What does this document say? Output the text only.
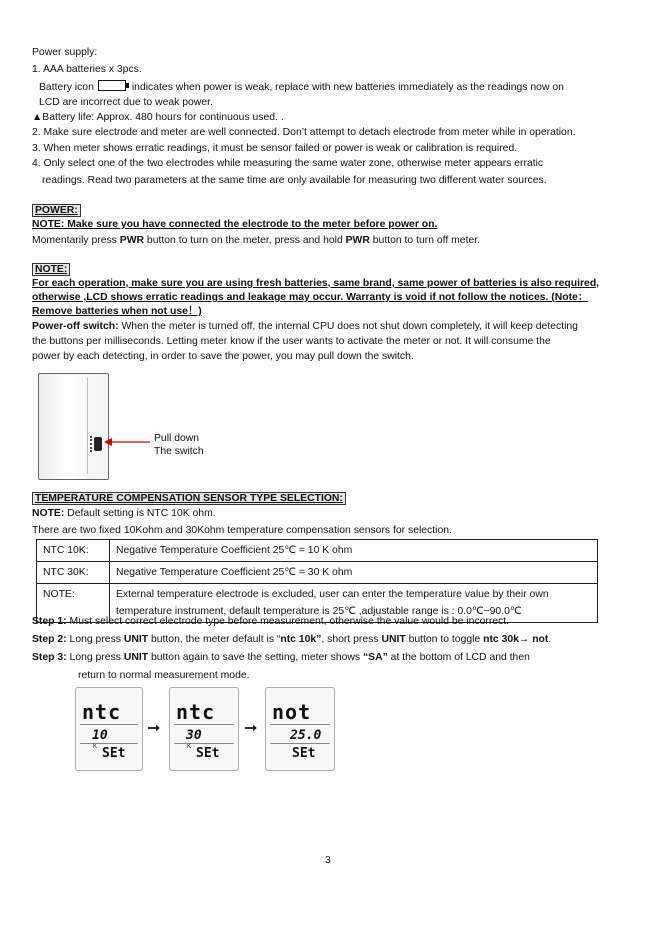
Power supply:
1. AAA batteries x 3pcs.
Battery icon	indicates when power is weak, replace with new batteries immediately as the readings now on
LCD are incorrect due to weak power.
▲Battery life: Approx. 480 hours for continuous used. .
2. Make sure electrode and meter are well connected. Don’t attempt to detach electrode from meter while in operation.
3. When meter shows erratic readings, it must be sensor failed or power is weak or calibration is required.
4. Only select one of the two electrodes while measuring the same water zone, otherwise meter appears erratic
readings. Read two parameters at the same time are only available for measuring two different water sources.
POWER:
NOTE: Make sure you have connected the electrode to the meter before power on.
Momentarily press PWR button to turn on the meter, press and hold PWR button to turn off meter.
NOTE:
For each operation, make sure you are using fresh batteries, same brand, same power of batteries is also required,
otherwise ,LCD shows erratic readings and leakage may occur. Warranty is void if not follow the notices. (Note：
Remove batteries when not use！)
Power-off switch: When the meter is turned off, the internal CPU does not shut down completely, it will keep detecting
the buttons per milliseconds. Letting meter know if the user wants to activate the meter or not. It will consume the
power by each detecting, in order to save the power, you may pull down the switch.
Pull down
The switch
TEMPERATURE COMPENSATION SENSOR TYPE SELECTION:
NOTE: Default setting is NTC 10K ohm.
There are two fixed 10Kohm and 30Kohm temperature compensation sensors for selection.
NTC 10K:	Negative Temperature Coefficient 25℃ = 10 K ohm
NTC 30K:	Negative Temperature Coefficient 25℃ = 30 K ohm
NOTE:	External temperature electrode is excluded, user can enter the temperature value by their own temperature instrument, default temperature is 25℃ ,adjustable range is : 0.0℃~90.0℃
Step 1: Must select correct electrode type before measurement, otherwise the value would be incorrect.
Step 2: Long press UNIT button, the meter default is “ntc 10k”, short press UNIT button to toggle ntc 30k→ not.
Step 3: Long press UNIT button again to save the setting, meter shows “SA” at the bottom of LCD and then
return to normal measurement mode.
ntc
10
K SEt
➞
ntc
30
K SEt
➞
not
25.0
SEt
3
